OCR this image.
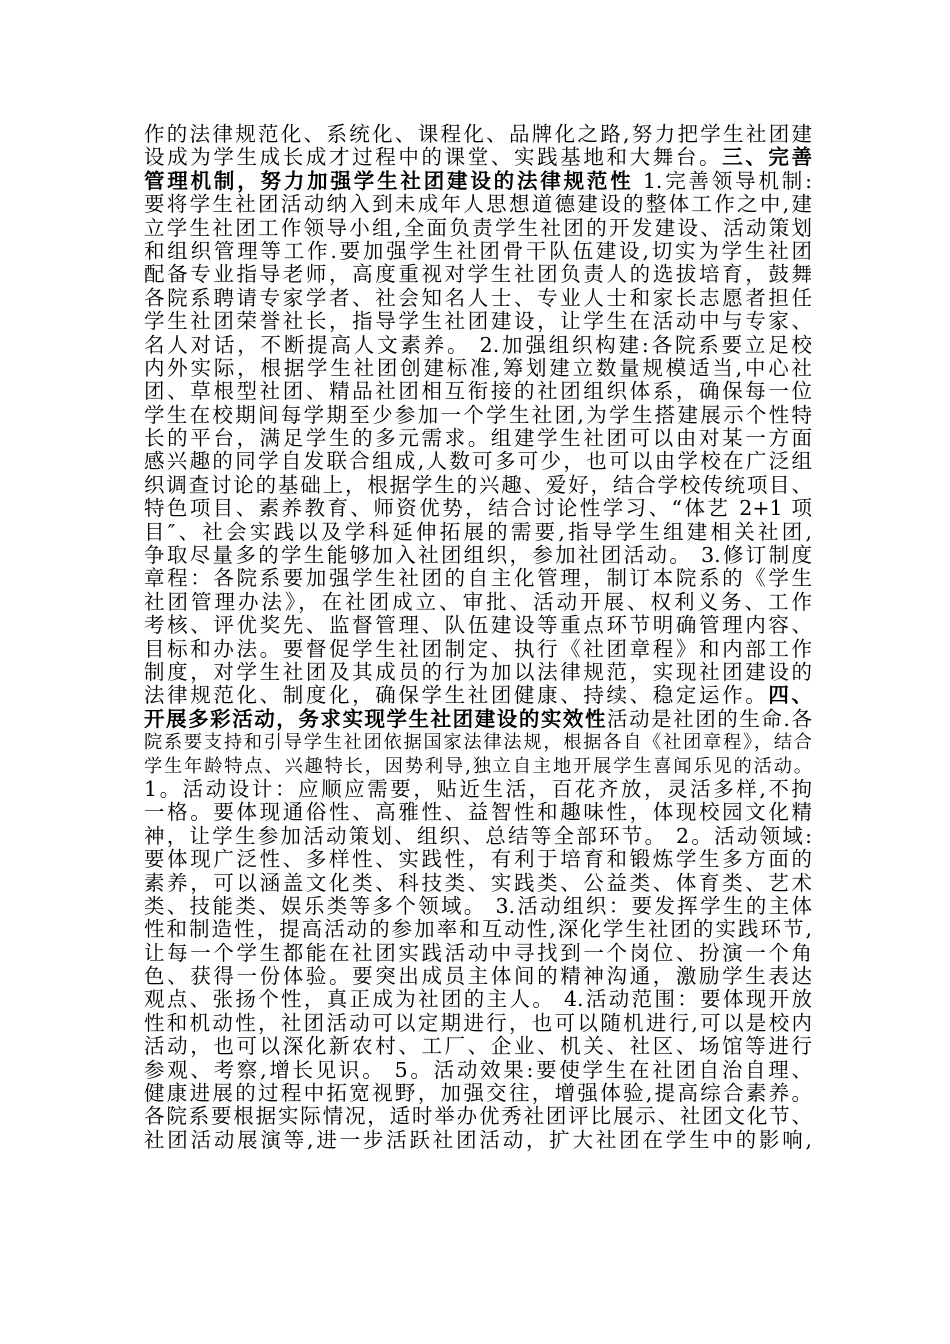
作的法律规范化、系统化、课程化、品牌化之路,努力把学生社团建
设成为学生成长成才过程中的课堂、实践基地和大舞台。三、完善
管理机制，努力加强学生社团建设的法律规范性 1.完善领导机制:
要将学生社团活动纳入到未成年人思想道德建设的整体工作之中,建
立学生社团工作领导小组,全面负责学生社团的开发建设、活动策划
和组织管理等工作.要加强学生社团骨干队伍建设,切实为学生社团
配备专业指导老师，高度重视对学生社团负责人的选拔培育，鼓舞
各院系聘请专家学者、社会知名人士、专业人士和家长志愿者担任
学生社团荣誉社长，指导学生社团建设，让学生在活动中与专家、
名人对话，不断提高人文素养。 2.加强组织构建:各院系要立足校
内外实际，根据学生社团创建标准,筹划建立数量规模适当,中心社
团、草根型社团、精品社团相互衔接的社团组织体系，确保每一位
学生在校期间每学期至少参加一个学生社团,为学生搭建展示个性特
长的平台，满足学生的多元需求。组建学生社团可以由对某一方面
感兴趣的同学自发联合组成,人数可多可少，也可以由学校在广泛组
织调查讨论的基础上，根据学生的兴趣、爱好，结合学校传统项目、
特色项目、素养教育、师资优势，结合讨论性学习、“体艺 2+1 项
目″、社会实践以及学科延伸拓展的需要,指导学生组建相关社团,
争取尽量多的学生能够加入社团组织，参加社团活动。 3.修订制度
章程：各院系要加强学生社团的自主化管理，制订本院系的《学生
社团管理办法》，在社团成立、审批、活动开展、权利义务、工作
考核、评优奖先、监督管理、队伍建设等重点环节明确管理内容、
目标和办法。要督促学生社团制定、执行《社团章程》和内部工作
制度，对学生社团及其成员的行为加以法律规范，实现社团建设的
法律规范化、制度化，确保学生社团健康、持续、稳定运作。四、
开展多彩活动，务求实现学生社团建设的实效性活动是社团的生命.各
院系要支持和引导学生社团依据国家法律法规，根据各自《社团章程》，结合
学生年龄特点、兴趣特长，因势利导,独立自主地开展学生喜闻乐见的活动。
1。活动设计：应顺应需要，贴近生活，百花齐放，灵活多样,不拘
一格。要体现通俗性、高雅性、益智性和趣味性，体现校园文化精
神，让学生参加活动策划、组织、总结等全部环节。 2。活动领域:
要体现广泛性、多样性、实践性，有利于培育和锻炼学生多方面的
素养，可以涵盖文化类、科技类、实践类、公益类、体育类、艺术
类、技能类、娱乐类等多个领域。 3.活动组织：要发挥学生的主体
性和制造性，提高活动的参加率和互动性,深化学生社团的实践环节,
让每一个学生都能在社团实践活动中寻找到一个岗位、扮演一个角
色、获得一份体验。要突出成员主体间的精神沟通，激励学生表达
观点、张扬个性，真正成为社团的主人。 4.活动范围：要体现开放
性和机动性，社团活动可以定期进行，也可以随机进行,可以是校内
活动，也可以深化新农村、工厂、企业、机关、社区、场馆等进行
参观、考察,增长见识。 5。活动效果:要使学生在社团自治自理、
健康进展的过程中拓宽视野，加强交往，增强体验,提高综合素养。
各院系要根据实际情况，适时举办优秀社团评比展示、社团文化节、
社团活动展演等,进一步活跃社团活动，扩大社团在学生中的影响,
